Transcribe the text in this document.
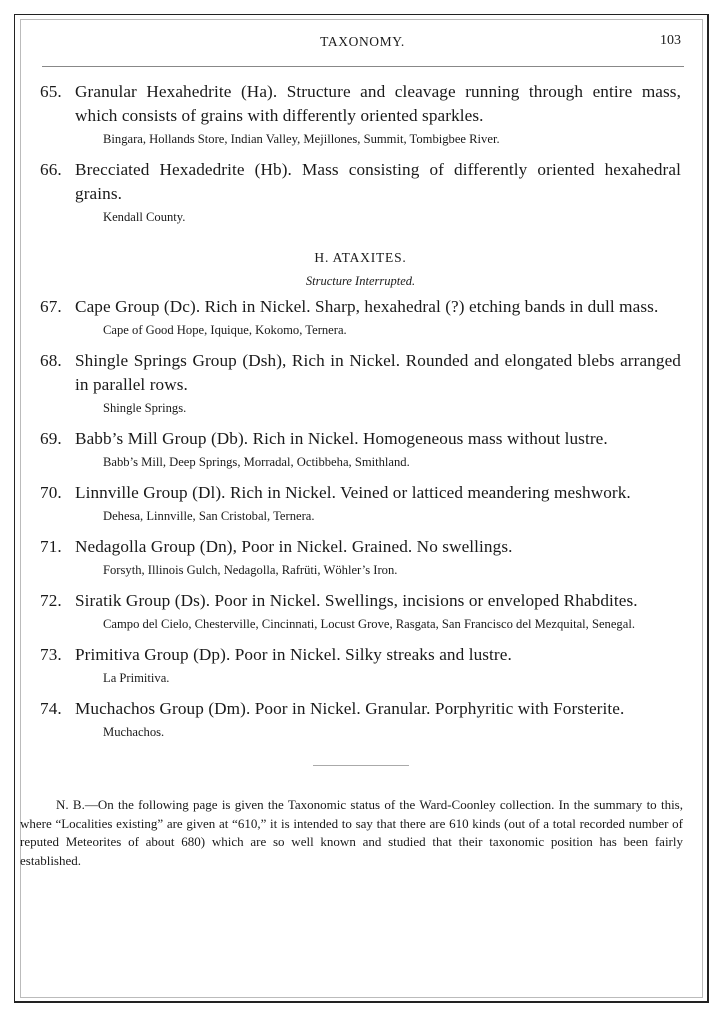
TAXONOMY.	103
65. Granular Hexahedrite (Ha). Structure and cleavage running through entire mass, which consists of grains with differently oriented sparkles.
Bingara, Hollands Store, Indian Valley, Mejillones, Summit, Tombigbee River.
66. Brecciated Hexadedrite (Hb). Mass consisting of differently oriented hexahedral grains.
Kendall County.
H. ATAXITES.
Structure Interrupted.
67. Cape Group (Dc). Rich in Nickel. Sharp, hexahedral (?) etching bands in dull mass.
Cape of Good Hope, Iquique, Kokomo, Ternera.
68. Shingle Springs Group (Dsh), Rich in Nickel. Rounded and elongated blebs arranged in parallel rows.
Shingle Springs.
69. Babb’s Mill Group (Db). Rich in Nickel. Homogeneous mass without lustre.
Babb’s Mill, Deep Springs, Morradal, Octibbeha, Smithland.
70. Linnville Group (Dl). Rich in Nickel. Veined or latticed meandering meshwork.
Dehesa, Linnville, San Cristobal, Ternera.
71. Nedagolla Group (Dn), Poor in Nickel. Grained. No swellings.
Forsyth, Illinois Gulch, Nedagolla, Rafrüti, Wöhler’s Iron.
72. Siratik Group (Ds). Poor in Nickel. Swellings, incisions or enveloped Rhabdites.
Campo del Cielo, Chesterville, Cincinnati, Locust Grove, Rasgata, San Francisco del Mezquital, Senegal.
73. Primitiva Group (Dp). Poor in Nickel. Silky streaks and lustre.
La Primitiva.
74. Muchachos Group (Dm). Poor in Nickel. Granular. Porphyritic with Forsterite.
Muchachos.

N. B.—On the following page is given the Taxonomic status of the Ward-Coonley collection. In the summary to this, where “Localities existing” are given at “610,” it is intended to say that there are 610 kinds (out of a total recorded number of reputed Meteorites of about 680) which are so well known and studied that their taxonomic position has been fairly established.
